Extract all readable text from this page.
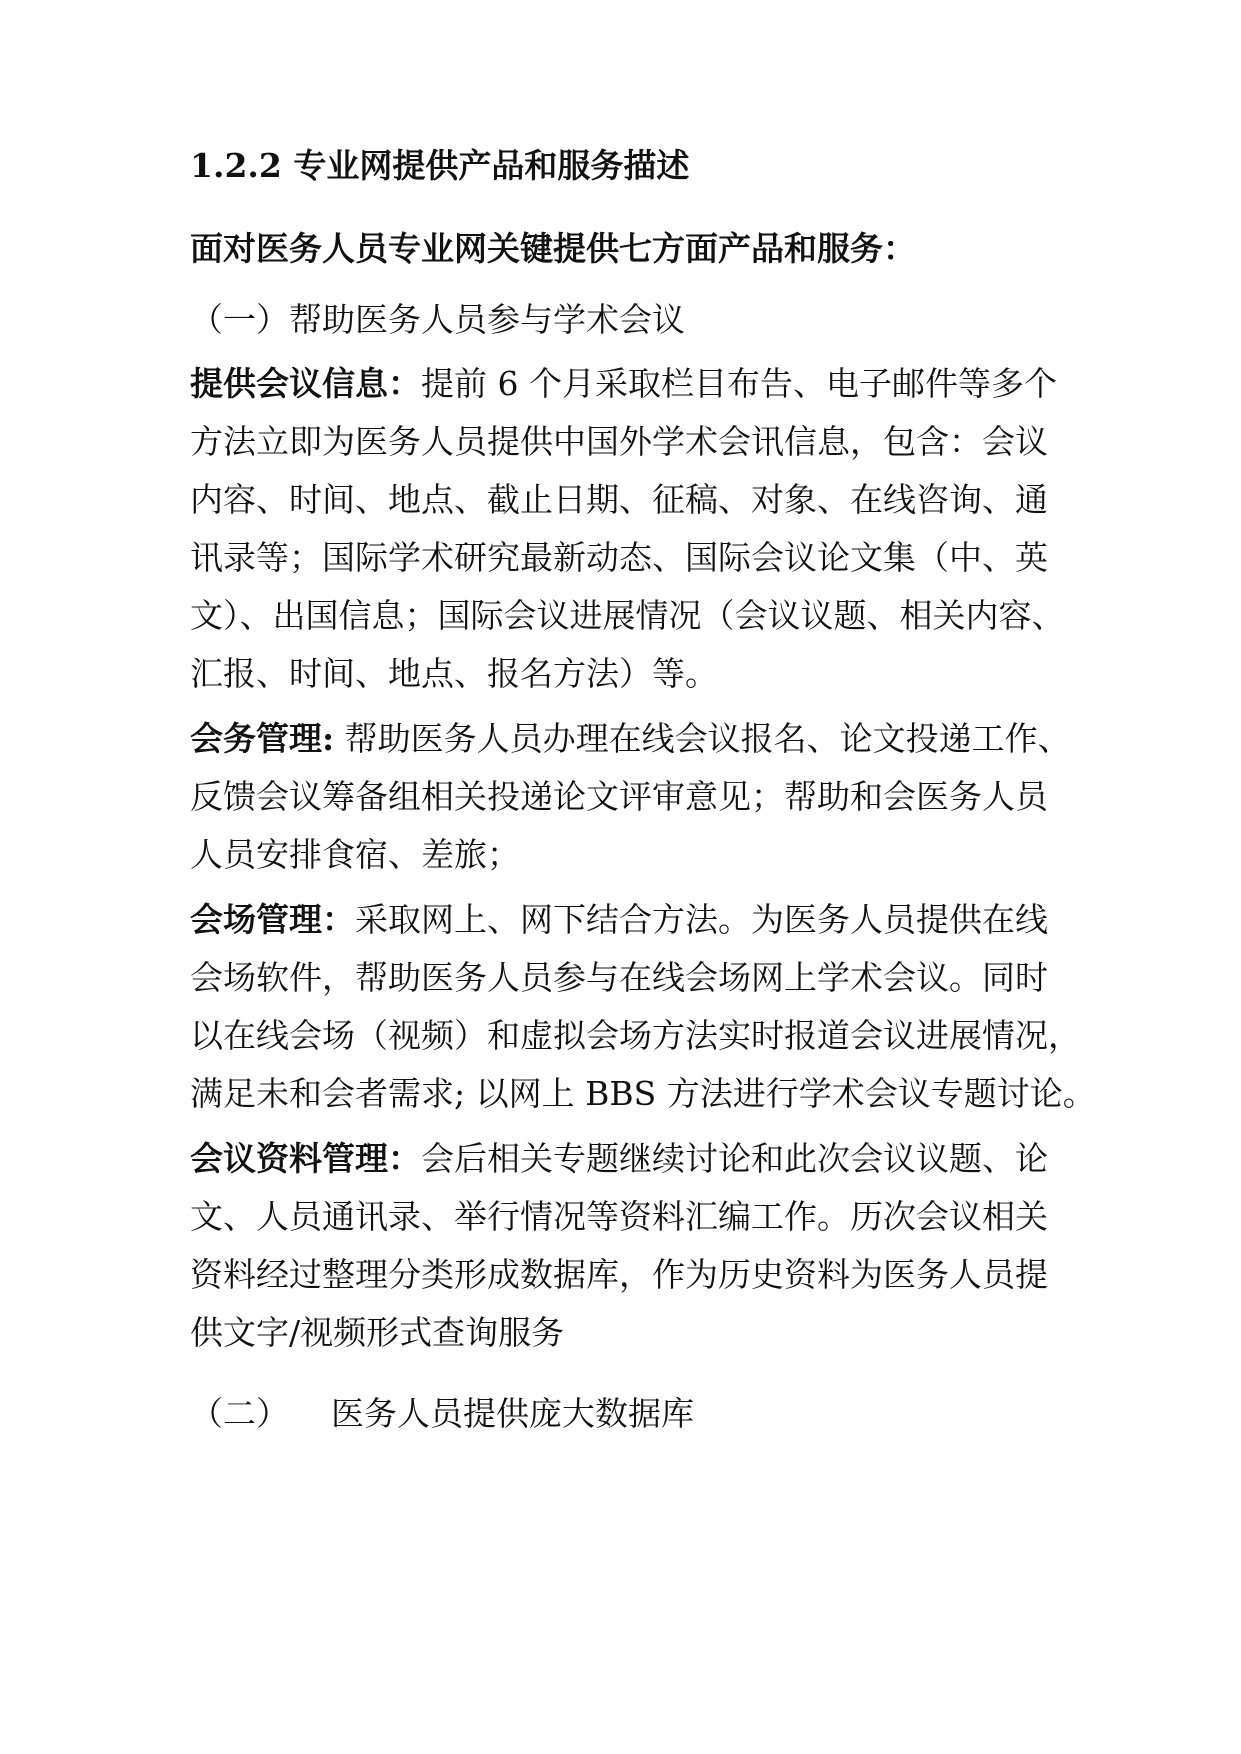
1.2.2 专业网提供产品和服务描述
面对医务人员专业网关键提供七方面产品和服务：
（一）帮助医务人员参与学术会议
提供会议信息：提前 6 个月采取栏目布告、电子邮件等多个
方法立即为医务人员提供中国外学术会讯信息，包含：会议
内容、时间、地点、截止日期、征稿、对象、在线咨询、通
讯录等；国际学术研究最新动态、国际会议论文集（中、英
文）、出国信息；国际会议进展情况（会议议题、相关内容、
汇报、时间、地点、报名方法）等。
会务管理: 帮助医务人员办理在线会议报名、论文投递工作、
反馈会议筹备组相关投递论文评审意见；帮助和会医务人员
人员安排食宿、差旅；
会场管理：采取网上、网下结合方法。为医务人员提供在线
会场软件，帮助医务人员参与在线会场网上学术会议。同时
以在线会场（视频）和虚拟会场方法实时报道会议进展情况，
满足未和会者需求; 以网上 BBS 方法进行学术会议专题讨论。
会议资料管理：会后相关专题继续讨论和此次会议议题、论
文、人员通讯录、举行情况等资料汇编工作。历次会议相关
资料经过整理分类形成数据库，作为历史资料为医务人员提
供文字/视频形式查询服务
（二）    医务人员提供庞大数据库
